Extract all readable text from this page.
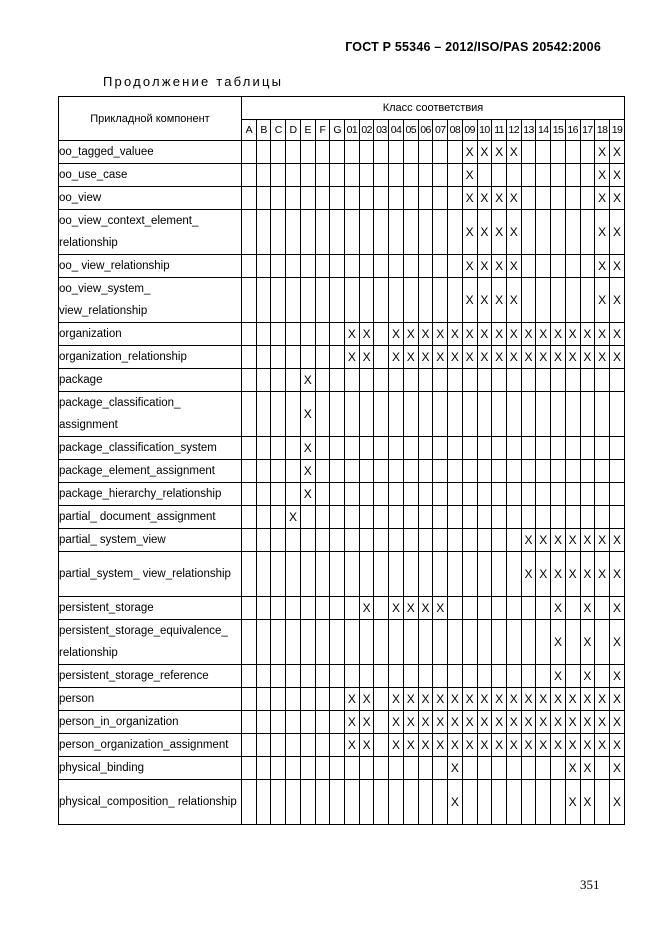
ГОСТ Р 55346 – 2012/ISO/PAS 20542:2006
Продолжение таблицы
Прикладной компонент	Класс соответствия																									
	A	B	C	D	E	F	G	01	02	03	04	05	06	07	08	09	10	11	12	13	14	15	16	17	18	19
oo_tagged_valuee																X	X	X	X						X	X
oo_use_case																X									X	X
oo_view																X	X	X	X						X	X
oo_view_context_element_ relationship																X	X	X	X						X	X
oo_ view_relationship																X	X	X	X						X	X
oo_view_system_ view_relationship																X	X	X	X						X	X
organization								X	X		X	X	X	X	X	X	X	X	X	X	X	X	X	X	X	X
organization_relationship								X	X		X	X	X	X	X	X	X	X	X	X	X	X	X	X	X	X
package					X																					
package_classification_ assignment					X																					
package_classification_system					X																					
package_element_assignment					X																					
package_hierarchy_relationship					X																					
partial_ document_assignment				X																						
partial_ system_view																				X	X	X	X	X	X	X
partial_system_ view_relationship																				X	X	X	X	X	X	X
persistent_storage									X		X	X	X	X								X		X		X
persistent_storage_equivalence_ relationship																						X		X		X
persistent_storage_reference																						X		X		X
person								X	X		X	X	X	X	X	X	X	X	X	X	X	X	X	X	X	X
person_in_organization								X	X		X	X	X	X	X	X	X	X	X	X	X	X	X	X	X	X
person_organization_assignment								X	X		X	X	X	X	X	X	X	X	X	X	X	X	X	X	X	X
physical_binding															X								X	X		X
physical_composition_ relationship															X								X	X		X
351
